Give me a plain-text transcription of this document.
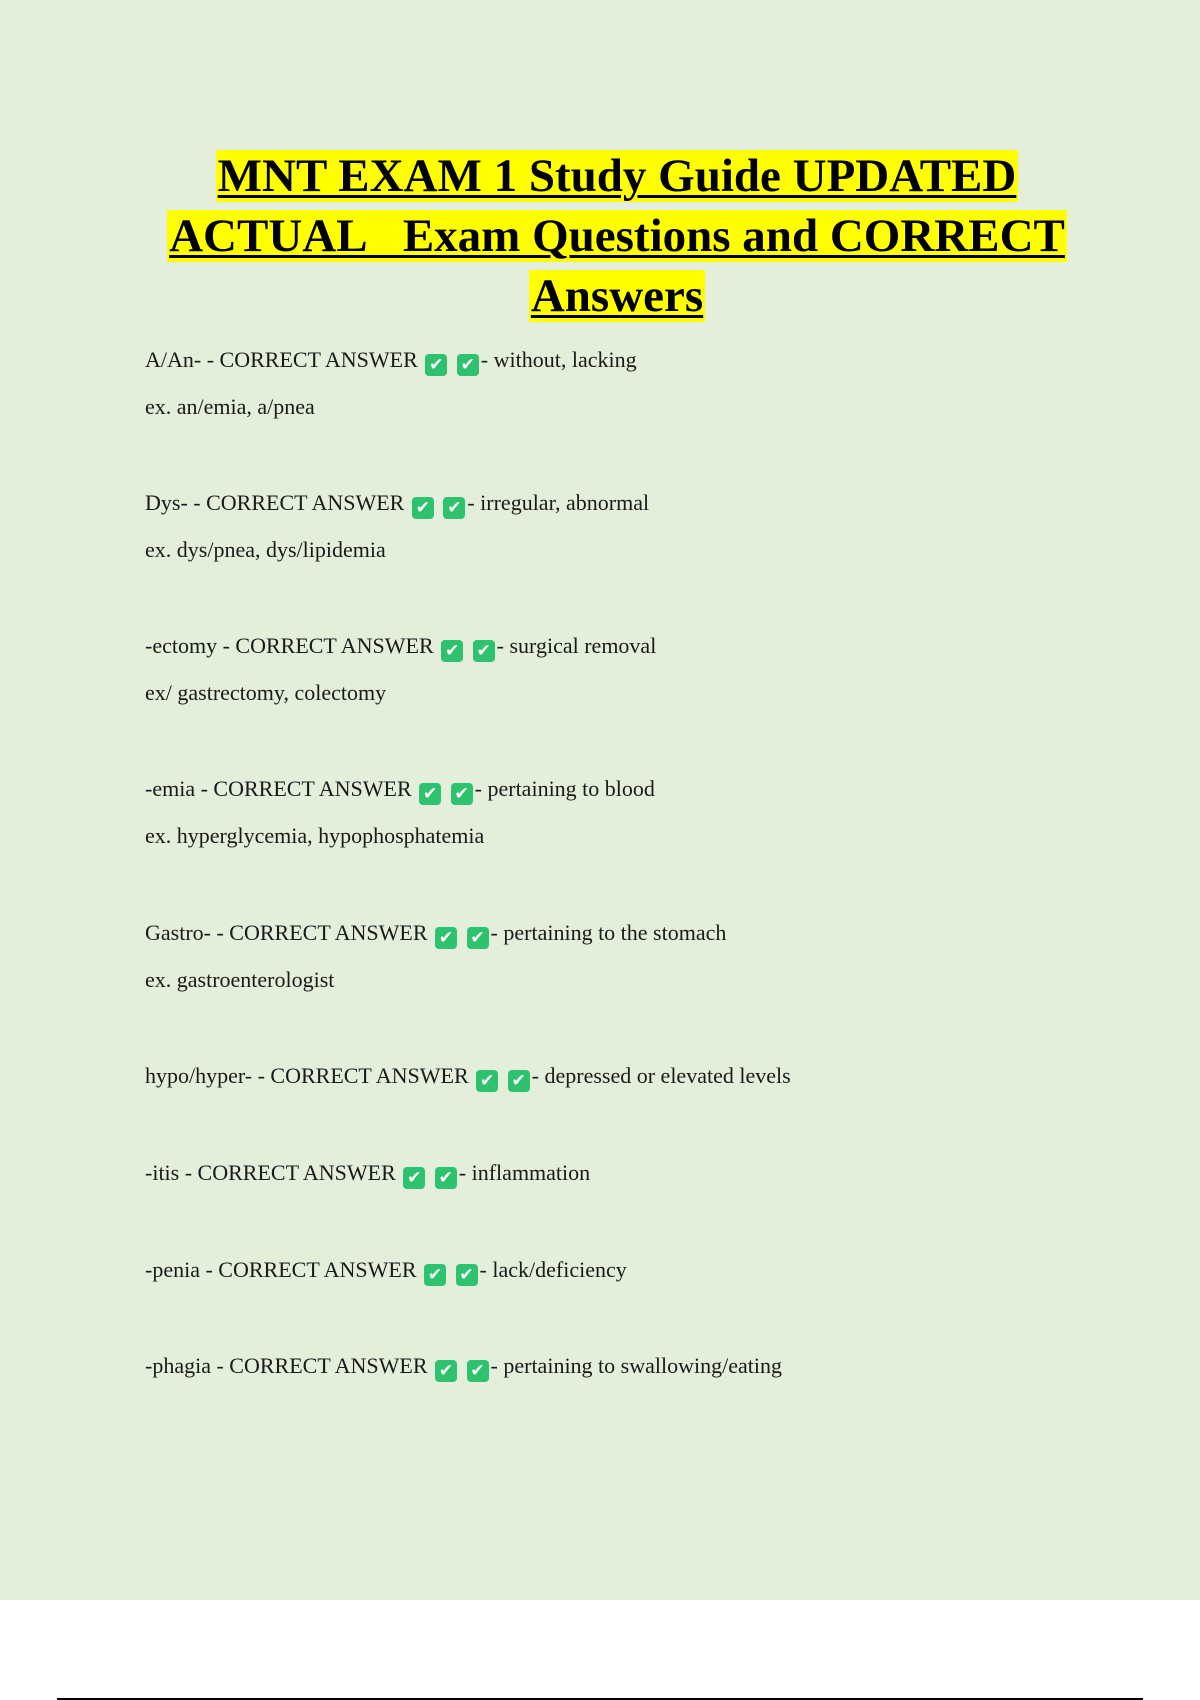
MNT EXAM 1 Study Guide UPDATED
ACTUAL   Exam Questions and CORRECT
Answers
A/An- - CORRECT ANSWER ✔ ✔ - without, lacking
ex. an/emia, a/pnea
Dys- - CORRECT ANSWER ✔ ✔ - irregular, abnormal
ex. dys/pnea, dys/lipidemia
-ectomy - CORRECT ANSWER ✔ ✔ - surgical removal
ex/ gastrectomy, colectomy
-emia - CORRECT ANSWER ✔ ✔ - pertaining to blood
ex. hyperglycemia, hypophosphatemia
Gastro- - CORRECT ANSWER ✔ ✔ - pertaining to the stomach
ex. gastroenterologist
hypo/hyper- - CORRECT ANSWER ✔ ✔ - depressed or elevated levels
-itis - CORRECT ANSWER ✔ ✔ - inflammation
-penia - CORRECT ANSWER ✔ ✔ - lack/deficiency
-phagia - CORRECT ANSWER ✔ ✔ - pertaining to swallowing/eating
